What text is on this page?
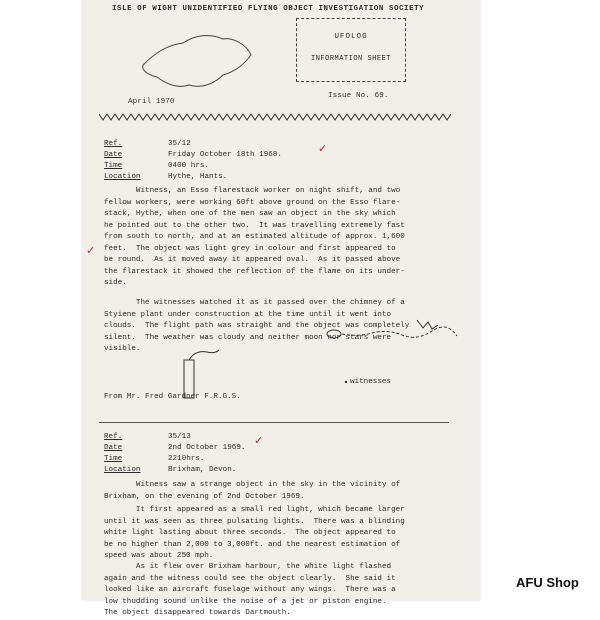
ISLE OF WIGHT UNIDENTIFIED FLYING OBJECT INVESTIGATION SOCIETY
UFOLOG
INFORMATION SHEET
April 1970
Issue No. 69.
Ref.	35/12
Date	Friday October 18th 1968.
Time	0400 hrs.
Location	Hythe, Hants.
✓
Witness, an Esso flarestack worker on night shift, and two
fellow workers, were working 60ft above ground on the Esso flare-
stack, Hythe, when one of the men saw an object in the sky which
he pointed out to the other two.  It was travelling extremely fast
from south to north, and at an estimated altitude of approx. 1,600
feet.  The object was light grey in colour and first appeared to
be round.  As it moved away it appeared oval.  As it passed above
the flarestack it showed the reflection of the flame on its under-
side.
✓
The witnesses watched it as it passed over the chimney of a
Styiene plant under construction at the time until it went into
clouds.  The flight path was straight and the object was completely
silent.  The weather was cloudy and neither moon nor stars were
visible.
witnesses
From Mr. Fred Gardner F.R.G.S.
Ref.	35/13
Date	2nd October 1969.
Time	2210hrs.
Location	Brixham, Devon.
✓
Witness saw a strange object in the sky in the vicinity of
Brixham, on the evening of 2nd October 1969.
It first appeared as a small red light, which became larger
until it was seen as three pulsating lights.  There was a blinding
white light lasting about three seconds.  The object appeared to
be no higher than 2,000 to 3,000ft. and the nearest estimation of
speed was about 250 mph.
As it flew over Brixham harbour, the white light flashed
again and the witness could see the object clearly.  She said it
looked like an aircraft fuselage without any wings.  There was a
low thudding sound unlike the noise of a jet or piston engine.
The object disappeared towards Dartmouth.
AFU Shop
